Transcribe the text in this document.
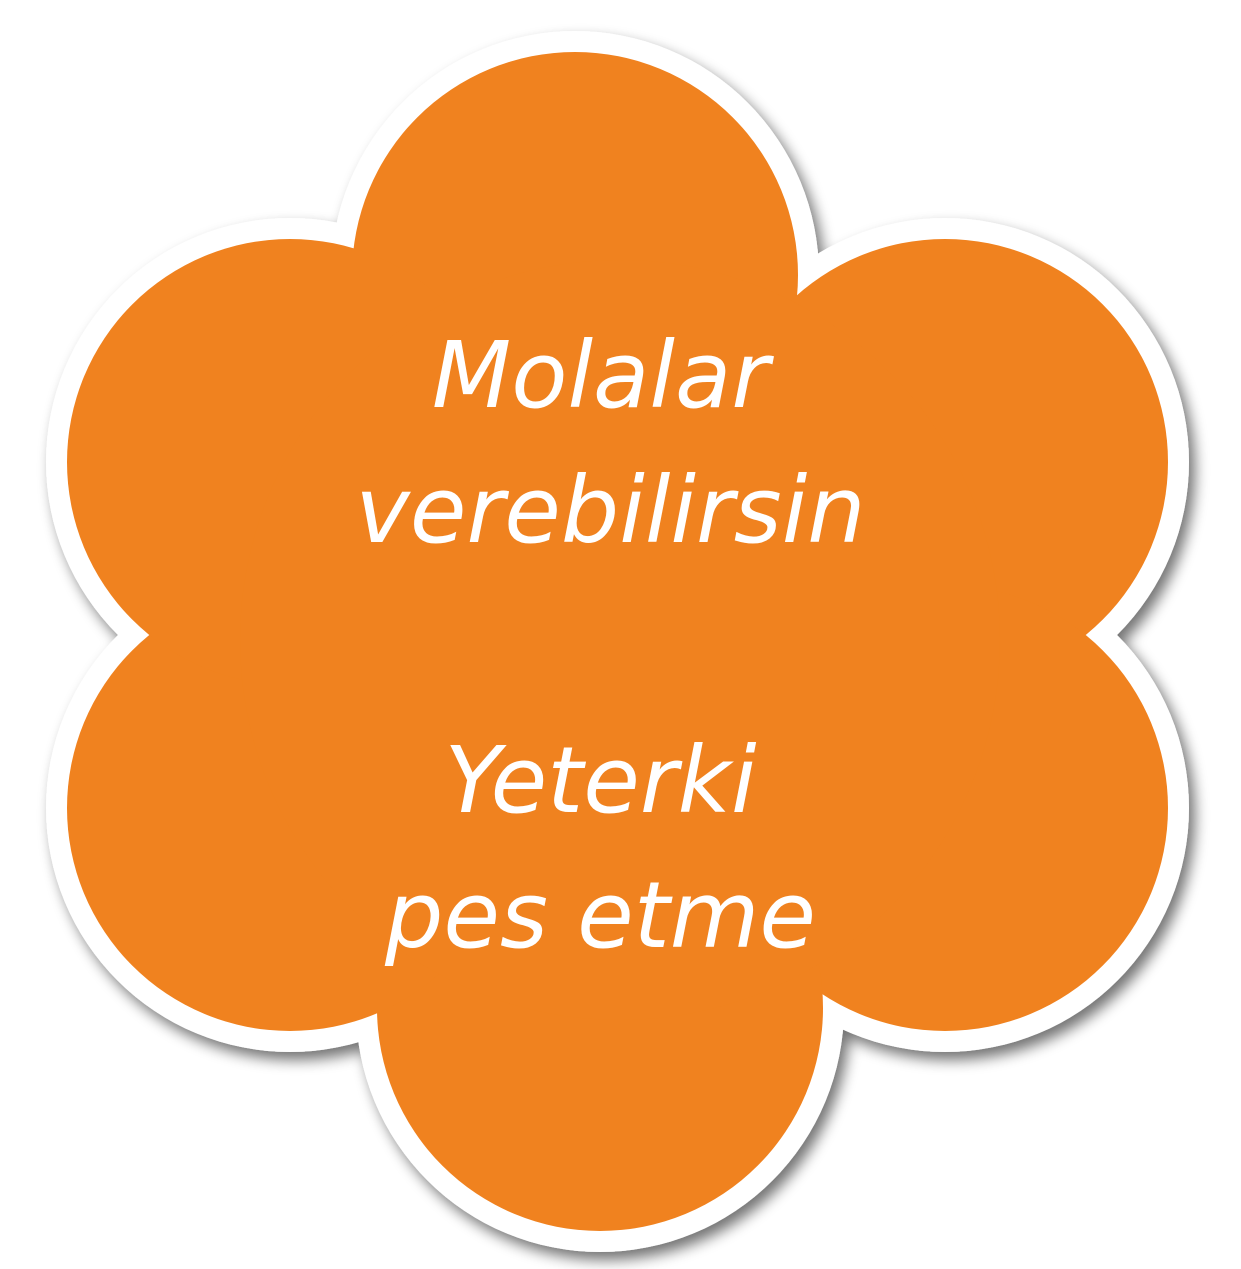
Molalar
verebilirsin
Yeterki
pes etme
